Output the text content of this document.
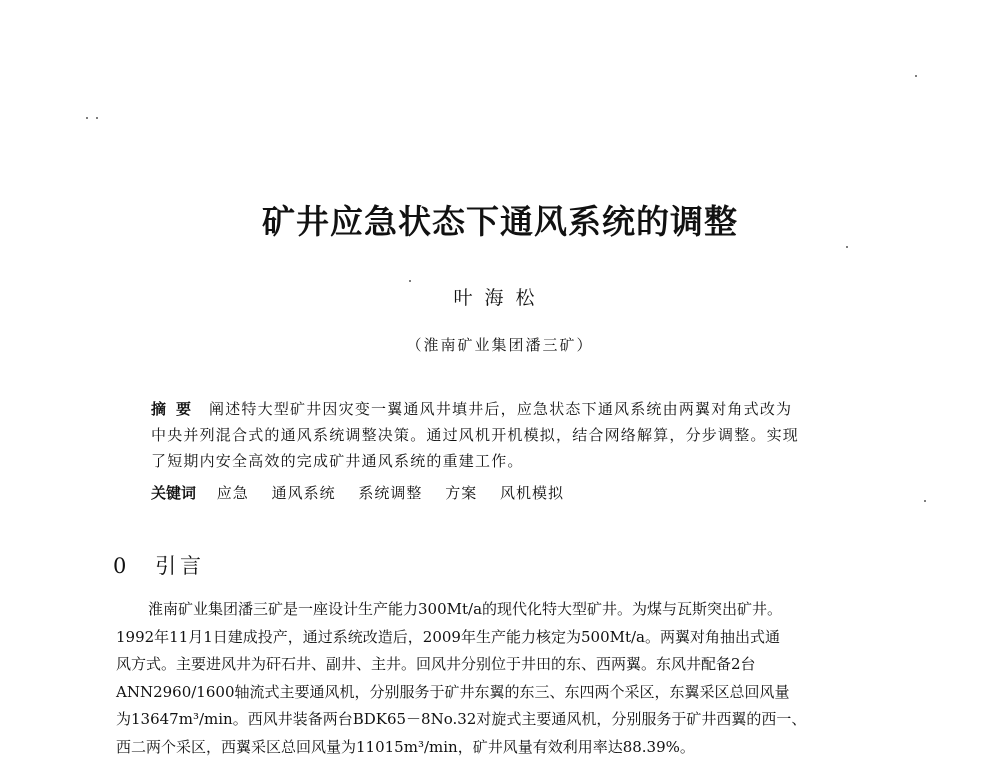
矿井应急状态下通风系统的调整
叶海松
（淮南矿业集团潘三矿）
摘要 阐述特大型矿井因灾变一翼通风井填井后，应急状态下通风系统由两翼对角式改为
中央并列混合式的通风系统调整决策。通过风机开机模拟，结合网络解算，分步调整。实现
了短期内安全高效的完成矿井通风系统的重建工作。
关键词 应急 通风系统 系统调整 方案 风机模拟
0 引言
淮南矿业集团潘三矿是一座设计生产能力300Mt/a的现代化特大型矿井。为煤与瓦斯突出矿井。
1992年11月1日建成投产，通过系统改造后，2009年生产能力核定为500Mt/a。两翼对角抽出式通
风方式。主要进风井为矸石井、副井、主井。回风井分别位于井田的东、西两翼。东风井配备2台
ANN2960/1600轴流式主要通风机，分别服务于矿井东翼的东三、东四两个采区，东翼采区总回风量
为13647m³/min。西风井装备两台BDK65－8No.32对旋式主要通风机，分别服务于矿井西翼的西一、
西二两个采区，西翼采区总回风量为11015m³/min，矿井风量有效利用率达88.39%。
